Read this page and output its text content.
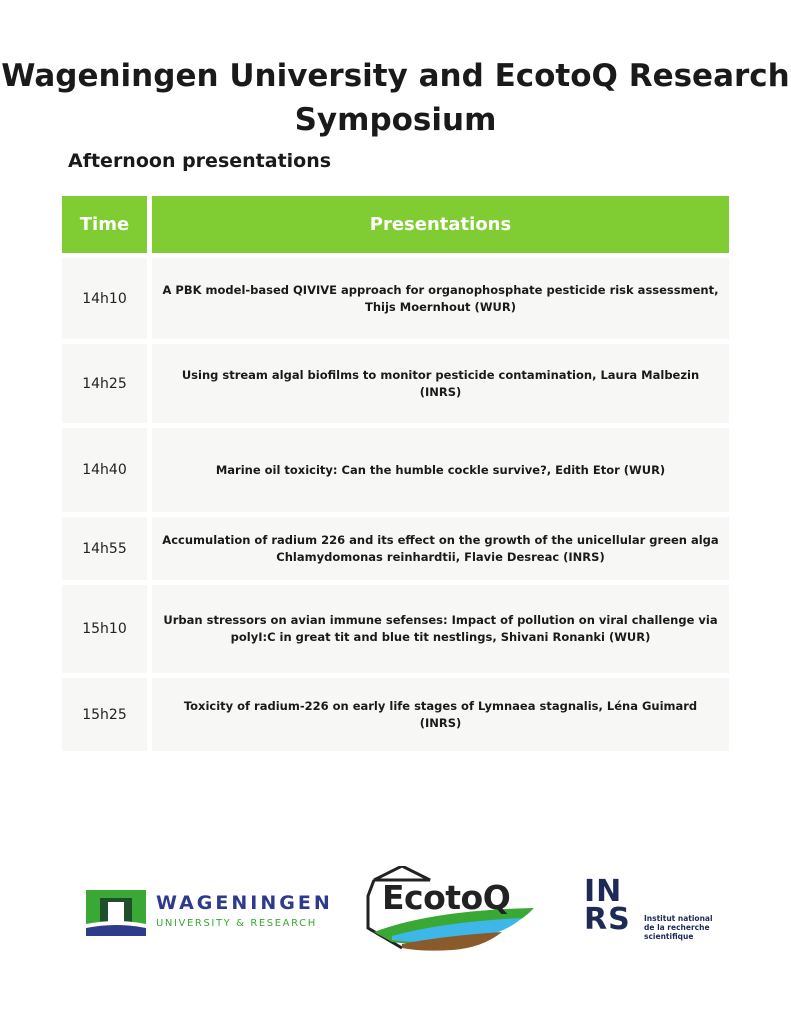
Wageningen University and EcotoQ Research
Symposium
Afternoon presentations
Time	Presentations
14h10
A PBK model-based QIVIVE approach for organophosphate pesticide risk assessment,
Thijs Moernhout (WUR)
14h25
Using stream algal biofilms to monitor pesticide contamination, Laura Malbezin
(INRS)
14h40	Marine oil toxicity: Can the humble cockle survive?, Edith Etor (WUR)
14h55
Accumulation of radium 226 and its effect on the growth of the unicellular green alga
Chlamydomonas reinhardtii, Flavie Desreac (INRS)
15h10
Urban stressors on avian immune sefenses: Impact of pollution on viral challenge via
polyI:C in great tit and blue tit nestlings, Shivani Ronanki (WUR)
15h25
Toxicity of radium-226 on early life stages of Lymnaea stagnalis, Léna Guimard (INRS)
WAGENINGEN
UNIVERSITY & RESEARCH
EcotoQ INRS Institut national
de la recherche
scientifique
